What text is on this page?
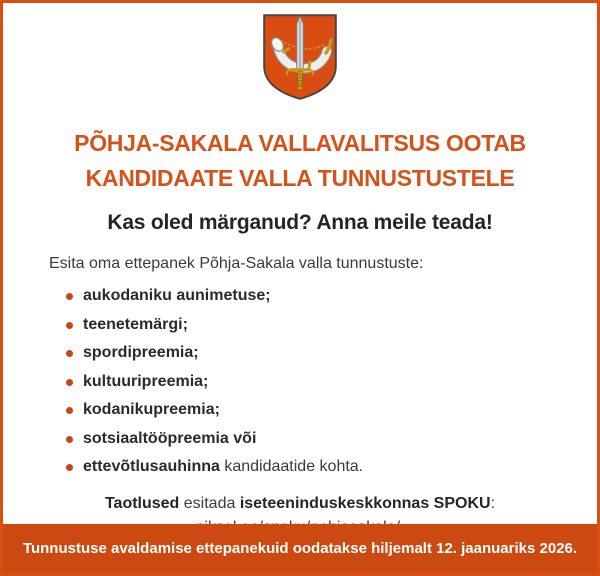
PÕHJA-SAKALA VALLAVALITSUS OOTAB
KANDIDAATE VALLA TUNNUSTUSTELE
Kas oled märganud? Anna meile teada!
Esita oma ettepanek Põhja-Sakala valla tunnustuste:
aukodaniku aunimetuse;
teenetemärgi;
spordipreemia;
kultuuripreemia;
kodanikupreemia;
sotsiaaltööpreemia või
ettevõtlusauhinna kandidaatide kohta.
Taotlused esitada iseteeninduskeskkonnas SPOKU:
Tunnustuse avaldamise ettepanekuid oodatakse hiljemalt 12. jaanuariks 2026.
